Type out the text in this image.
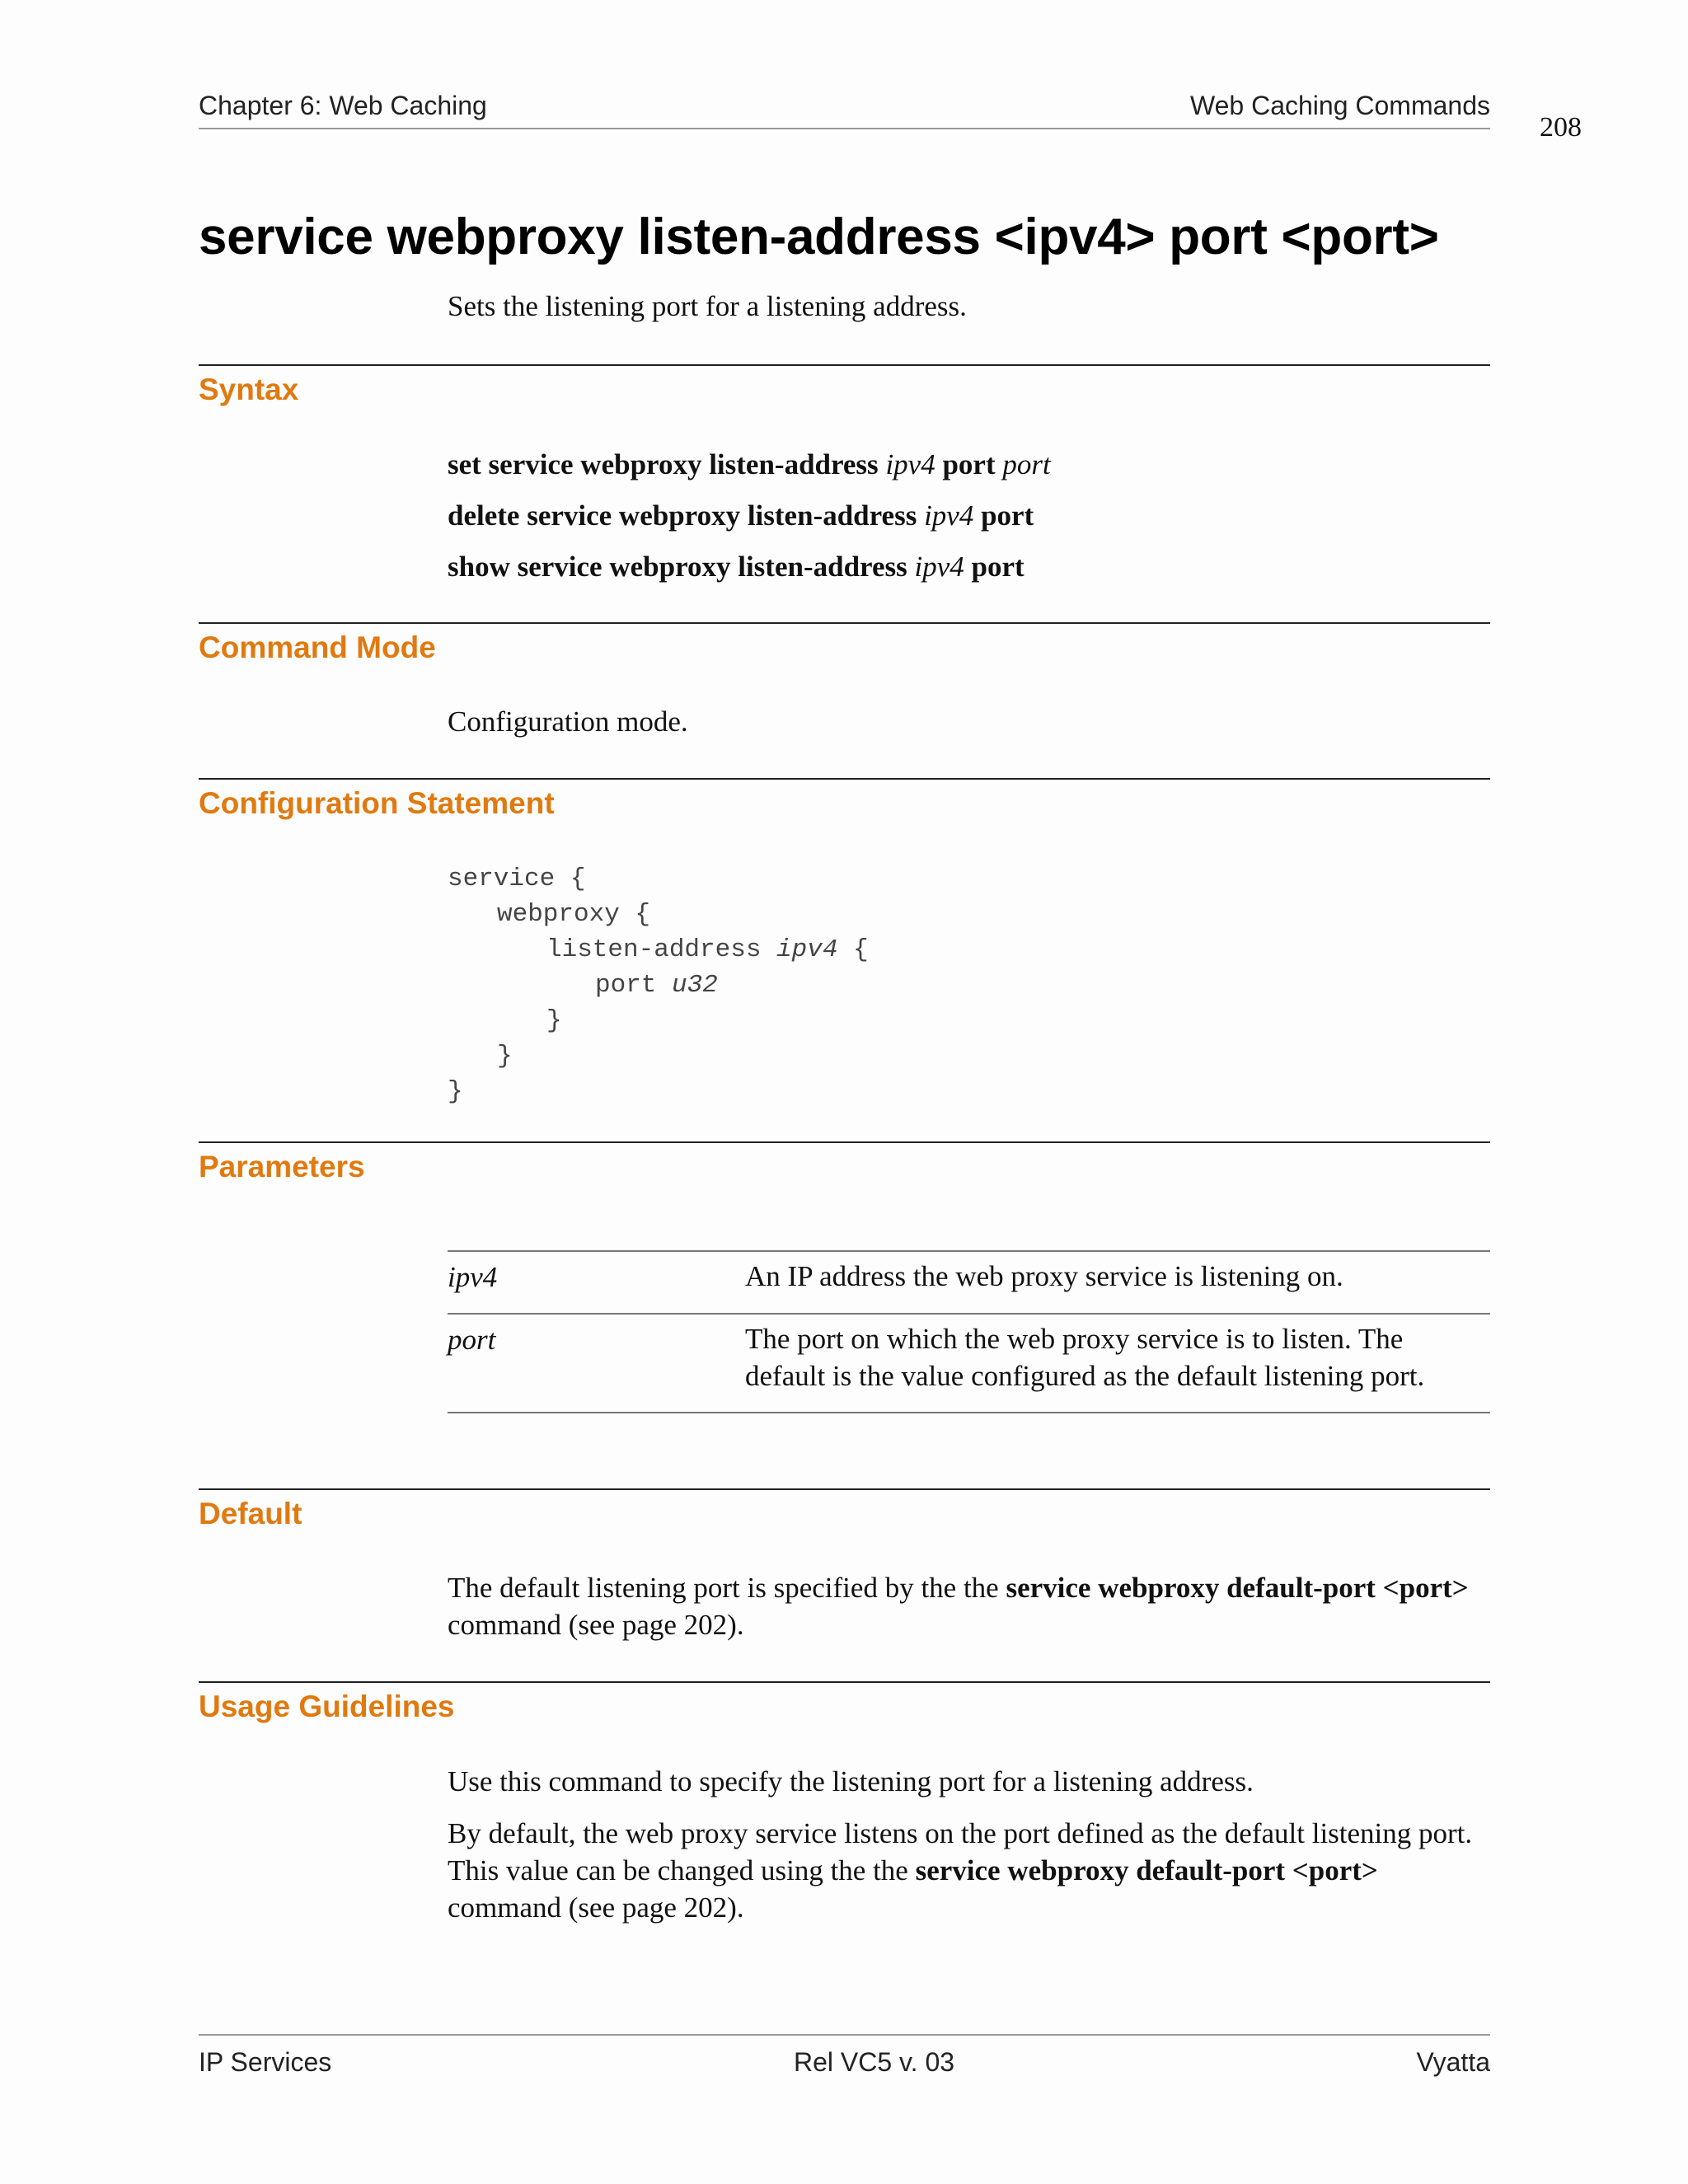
Chapter 6: Web Caching	Web Caching Commands
208
service webproxy listen-address <ipv4> port <port>
Sets the listening port for a listening address.
Syntax
set service webproxy listen-address ipv4 port port
delete service webproxy listen-address ipv4 port
show service webproxy listen-address ipv4 port
Command Mode
Configuration mode.
Configuration Statement
service {
webproxy {
listen-address ipv4 {
port u32
}
}
}
Parameters
ipv4	An IP address the web proxy service is listening on.
port	The port on which the web proxy service is to listen. The default is the value configured as the default listening port.
Default
The default listening port is specified by the the service webproxy default-port <port> command (see page 202).
Usage Guidelines
Use this command to specify the listening port for a listening address.
By default, the web proxy service listens on the port defined as the default listening port. This value can be changed using the the service webproxy default-port <port> command (see page 202).
IP Services	Rel VC5 v. 03	Vyatta
